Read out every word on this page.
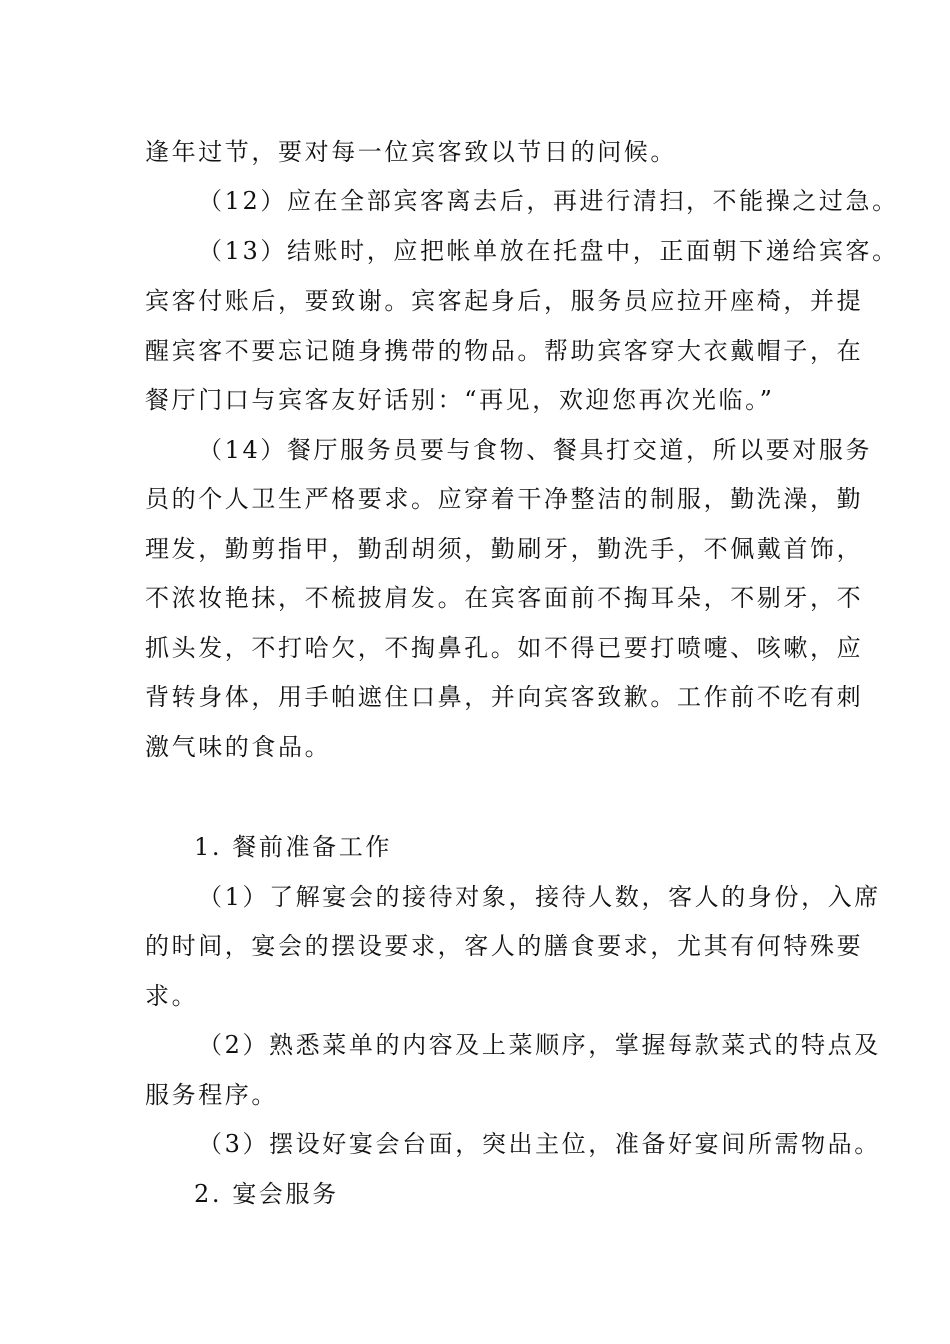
逢年过节，要对每一位宾客致以节日的问候。
（12）应在全部宾客离去后，再进行清扫，不能操之过急。
（13）结账时，应把帐单放在托盘中，正面朝下递给宾客。
宾客付账后，要致谢。宾客起身后，服务员应拉开座椅，并提
醒宾客不要忘记随身携带的物品。帮助宾客穿大衣戴帽子，在
餐厅门口与宾客友好话别：“再见，欢迎您再次光临。”
（14）餐厅服务员要与食物、餐具打交道，所以要对服务
员的个人卫生严格要求。应穿着干净整洁的制服，勤洗澡，勤
理发，勤剪指甲，勤刮胡须，勤刷牙，勤洗手，不佩戴首饰，
不浓妆艳抹，不梳披肩发。在宾客面前不掏耳朵，不剔牙，不
抓头发，不打哈欠，不掏鼻孔。如不得已要打喷嚏、咳嗽，应
背转身体，用手帕遮住口鼻，并向宾客致歉。工作前不吃有刺
激气味的食品。
1. 餐前准备工作
（1）了解宴会的接待对象，接待人数，客人的身份，入席
的时间，宴会的摆设要求，客人的膳食要求，尤其有何特殊要
求。
（2）熟悉菜单的内容及上菜顺序，掌握每款菜式的特点及
服务程序。
（3）摆设好宴会台面，突出主位，准备好宴间所需物品。
2. 宴会服务
